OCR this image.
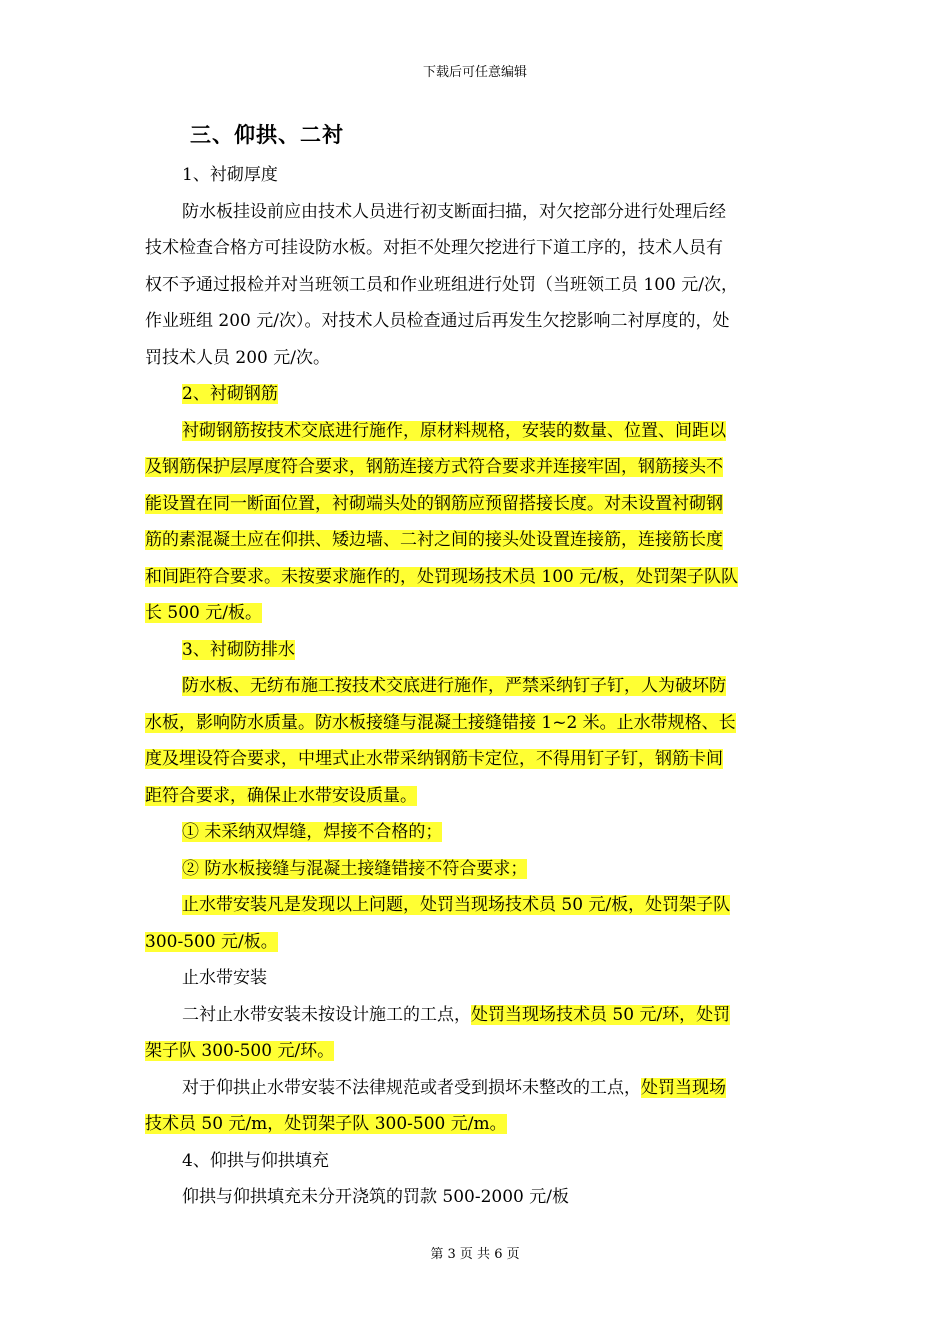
下载后可任意编辑
三、仰拱、二衬
1、衬砌厚度
防水板挂设前应由技术人员进行初支断面扫描，对欠挖部分进行处理后经
技术检查合格方可挂设防水板。对拒不处理欠挖进行下道工序的，技术人员有
权不予通过报检并对当班领工员和作业班组进行处罚（当班领工员 100 元/次，
作业班组 200 元/次）。对技术人员检查通过后再发生欠挖影响二衬厚度的，处
罚技术人员 200 元/次。
2、衬砌钢筋
衬砌钢筋按技术交底进行施作，原材料规格，安装的数量、位置、间距以
及钢筋保护层厚度符合要求，钢筋连接方式符合要求并连接牢固，钢筋接头不
能设置在同一断面位置，衬砌端头处的钢筋应预留搭接长度。对未设置衬砌钢
筋的素混凝土应在仰拱、矮边墙、二衬之间的接头处设置连接筋，连接筋长度
和间距符合要求。未按要求施作的，处罚现场技术员 100 元/板，处罚架子队队
长 500 元/板。
3、衬砌防排水
防水板、无纺布施工按技术交底进行施作，严禁采纳钉子钉，人为破坏防
水板，影响防水质量。防水板接缝与混凝土接缝错接 1~2 米。止水带规格、长
度及埋设符合要求，中埋式止水带采纳钢筋卡定位，不得用钉子钉，钢筋卡间
距符合要求，确保止水带安设质量。
① 未采纳双焊缝，焊接不合格的；
② 防水板接缝与混凝土接缝错接不符合要求；
止水带安装凡是发现以上问题，处罚当现场技术员 50 元/板，处罚架子队
300-500 元/板。
止水带安装
二衬止水带安装未按设计施工的工点，处罚当现场技术员 50 元/环，处罚
架子队 300-500 元/环。
对于仰拱止水带安装不法律规范或者受到损坏未整改的工点，处罚当现场
技术员 50 元/m，处罚架子队 300-500 元/m。
4、仰拱与仰拱填充
仰拱与仰拱填充未分开浇筑的罚款 500-2000 元/板
第 3 页 共 6 页
